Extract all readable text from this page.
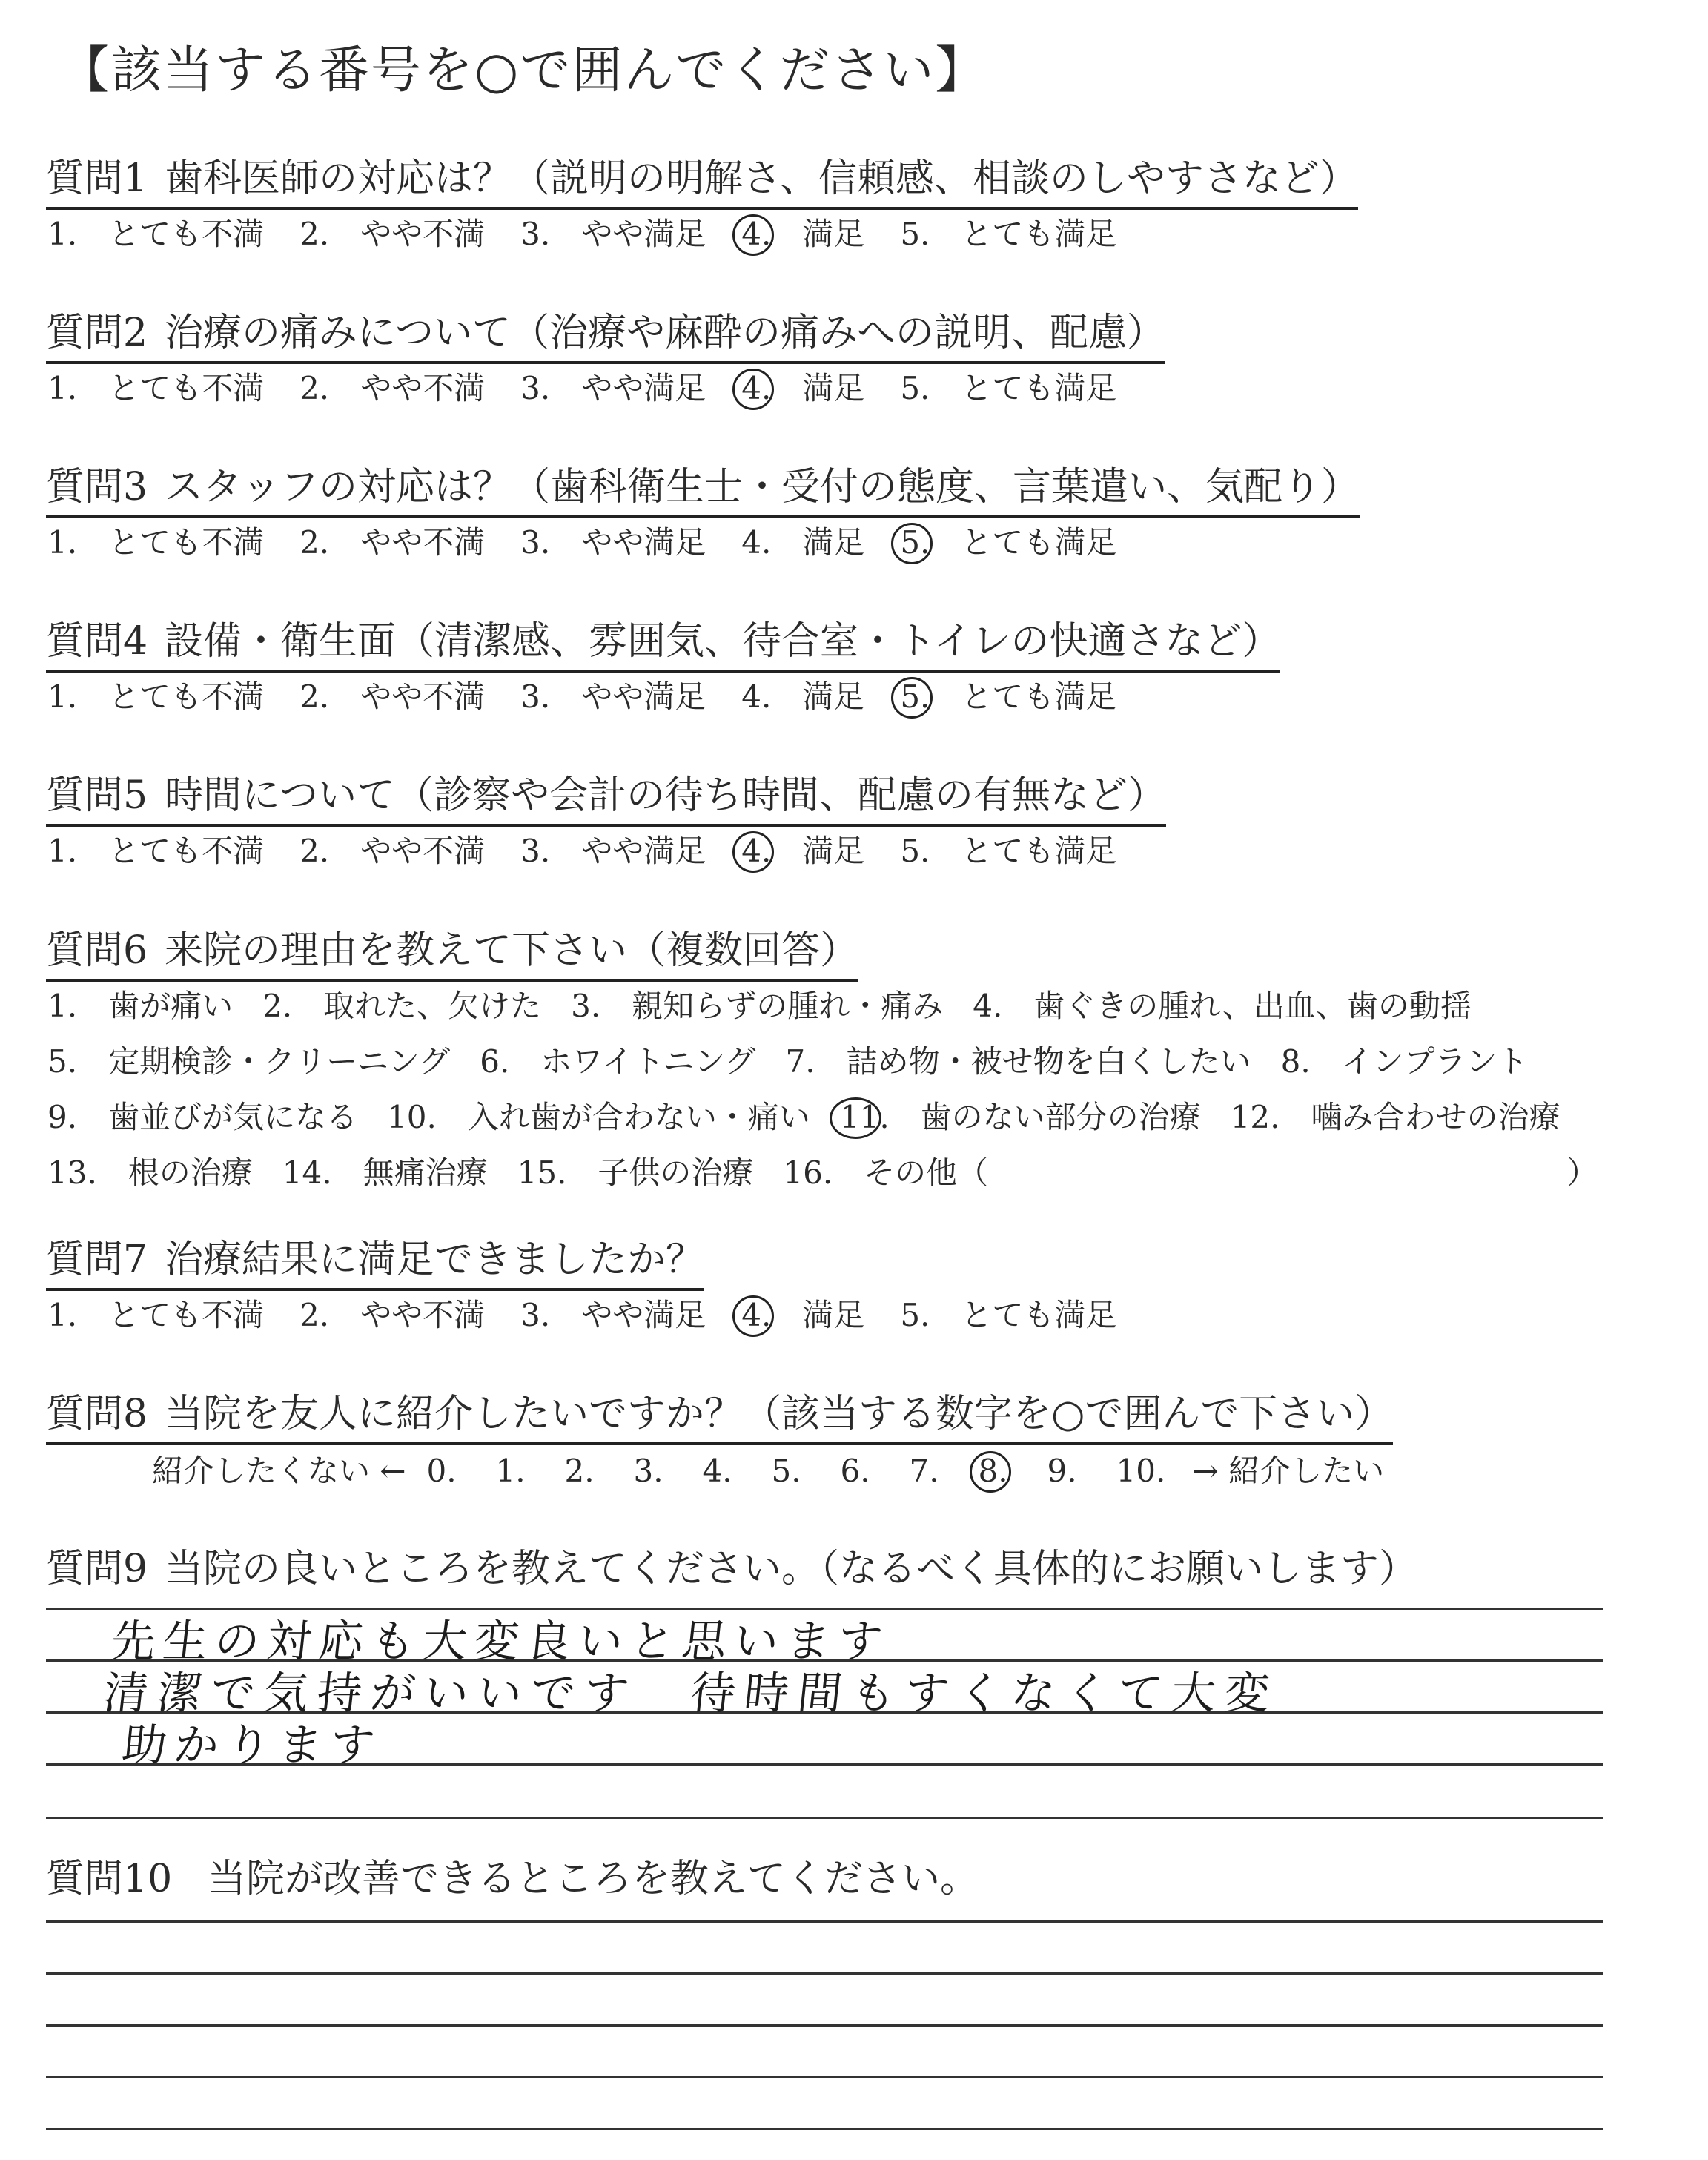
【該当する番号を○で囲んでください】
質問1 歯科医師の対応は？（説明の明解さ、信頼感、相談のしやすさなど）
1.　とても不満 2.　やや不満 3.　やや満足 4.　満足 5.　とても満足
質問2 治療の痛みについて（治療や麻酔の痛みへの説明、配慮）
1.　とても不満 2.　やや不満 3.　やや満足 4.　満足 5.　とても満足
質問3 スタッフの対応は？（歯科衛生士・受付の態度、言葉遣い、気配り）
1.　とても不満 2.　やや不満 3.　やや満足 4.　満足 5.　とても満足
質問4 設備・衛生面（清潔感、雰囲気、待合室・トイレの快適さなど）
1.　とても不満 2.　やや不満 3.　やや満足 4.　満足 5.　とても満足
質問5 時間について（診察や会計の待ち時間、配慮の有無など）
1.　とても不満 2.　やや不満 3.　やや満足 4.　満足 5.　とても満足
質問6 来院の理由を教えて下さい（複数回答）
1.　歯が痛い 2.　取れた、欠けた 3.　親知らずの腫れ・痛み 4.　歯ぐきの腫れ、出血、歯の動揺
5.　定期検診・クリーニング 6.　ホワイトニング 7.　詰め物・被せ物を白くしたい 8.　インプラント
9.　歯並びが気になる 10.　入れ歯が合わない・痛い 11.　歯のない部分の治療 12.　噛み合わせの治療
13.　根の治療 14.　無痛治療 15.　子供の治療 16.　その他（	）
質問7 治療結果に満足できましたか？
1.　とても不満 2.　やや不満 3.　やや満足 4.　満足 5.　とても満足
質問8 当院を友人に紹介したいですか？（該当する数字を○で囲んで下さい）
紹介したくない ← 0. 1. 2. 3. 4. 5. 6. 7. 8. 9. 10. → 紹介したい
質問9 当院の良いところを教えてください。（なるべく具体的にお願いします）
先生の対応も大変良いと思います
清潔で気持がいいです　待時間もすくなくて大変
助かります
質問10 当院が改善できるところを教えてください。
